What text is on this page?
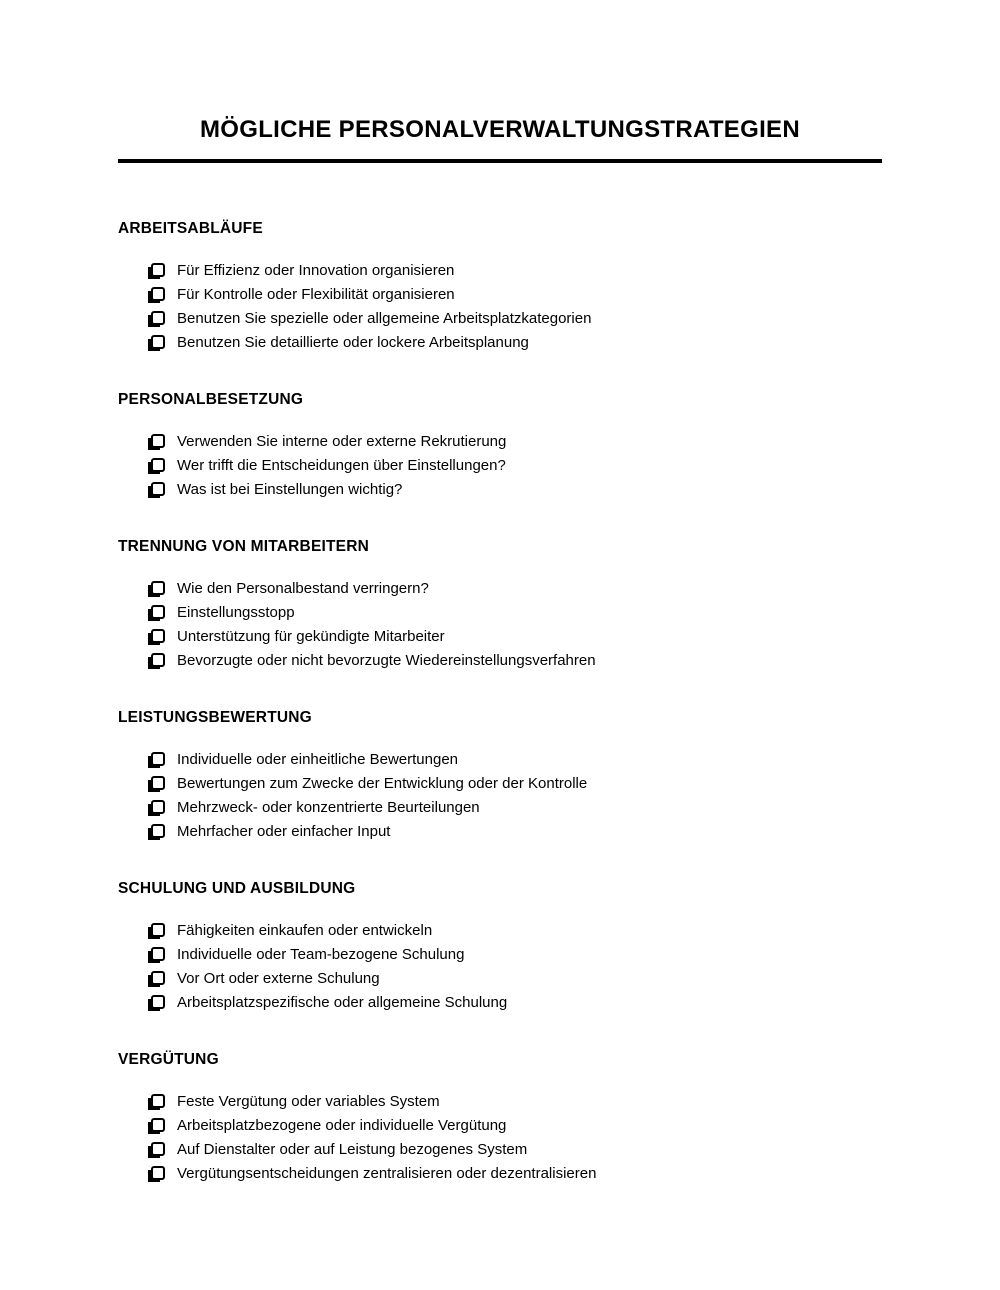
MÖGLICHE PERSONALVERWALTUNGSTRATEGIEN
ARBEITSABLÄUFE
Für Effizienz oder Innovation organisieren
Für Kontrolle oder Flexibilität organisieren
Benutzen Sie spezielle oder allgemeine Arbeitsplatzkategorien
Benutzen Sie detaillierte oder lockere Arbeitsplanung
PERSONALBESETZUNG
Verwenden Sie interne oder externe Rekrutierung
Wer trifft die Entscheidungen über Einstellungen?
Was ist bei Einstellungen wichtig?
TRENNUNG VON MITARBEITERN
Wie den Personalbestand verringern?
Einstellungsstopp
Unterstützung für gekündigte Mitarbeiter
Bevorzugte oder nicht bevorzugte Wiedereinstellungsverfahren
LEISTUNGSBEWERTUNG
Individuelle oder einheitliche Bewertungen
Bewertungen zum Zwecke der Entwicklung oder der Kontrolle
Mehrzweck- oder konzentrierte Beurteilungen
Mehrfacher oder einfacher Input
SCHULUNG UND AUSBILDUNG
Fähigkeiten einkaufen oder entwickeln
Individuelle oder Team-bezogene Schulung
Vor Ort oder externe Schulung
Arbeitsplatzspezifische oder allgemeine Schulung
VERGÜTUNG
Feste Vergütung oder variables System
Arbeitsplatzbezogene oder individuelle Vergütung
Auf Dienstalter oder auf Leistung bezogenes System
Vergütungsentscheidungen zentralisieren oder dezentralisieren
